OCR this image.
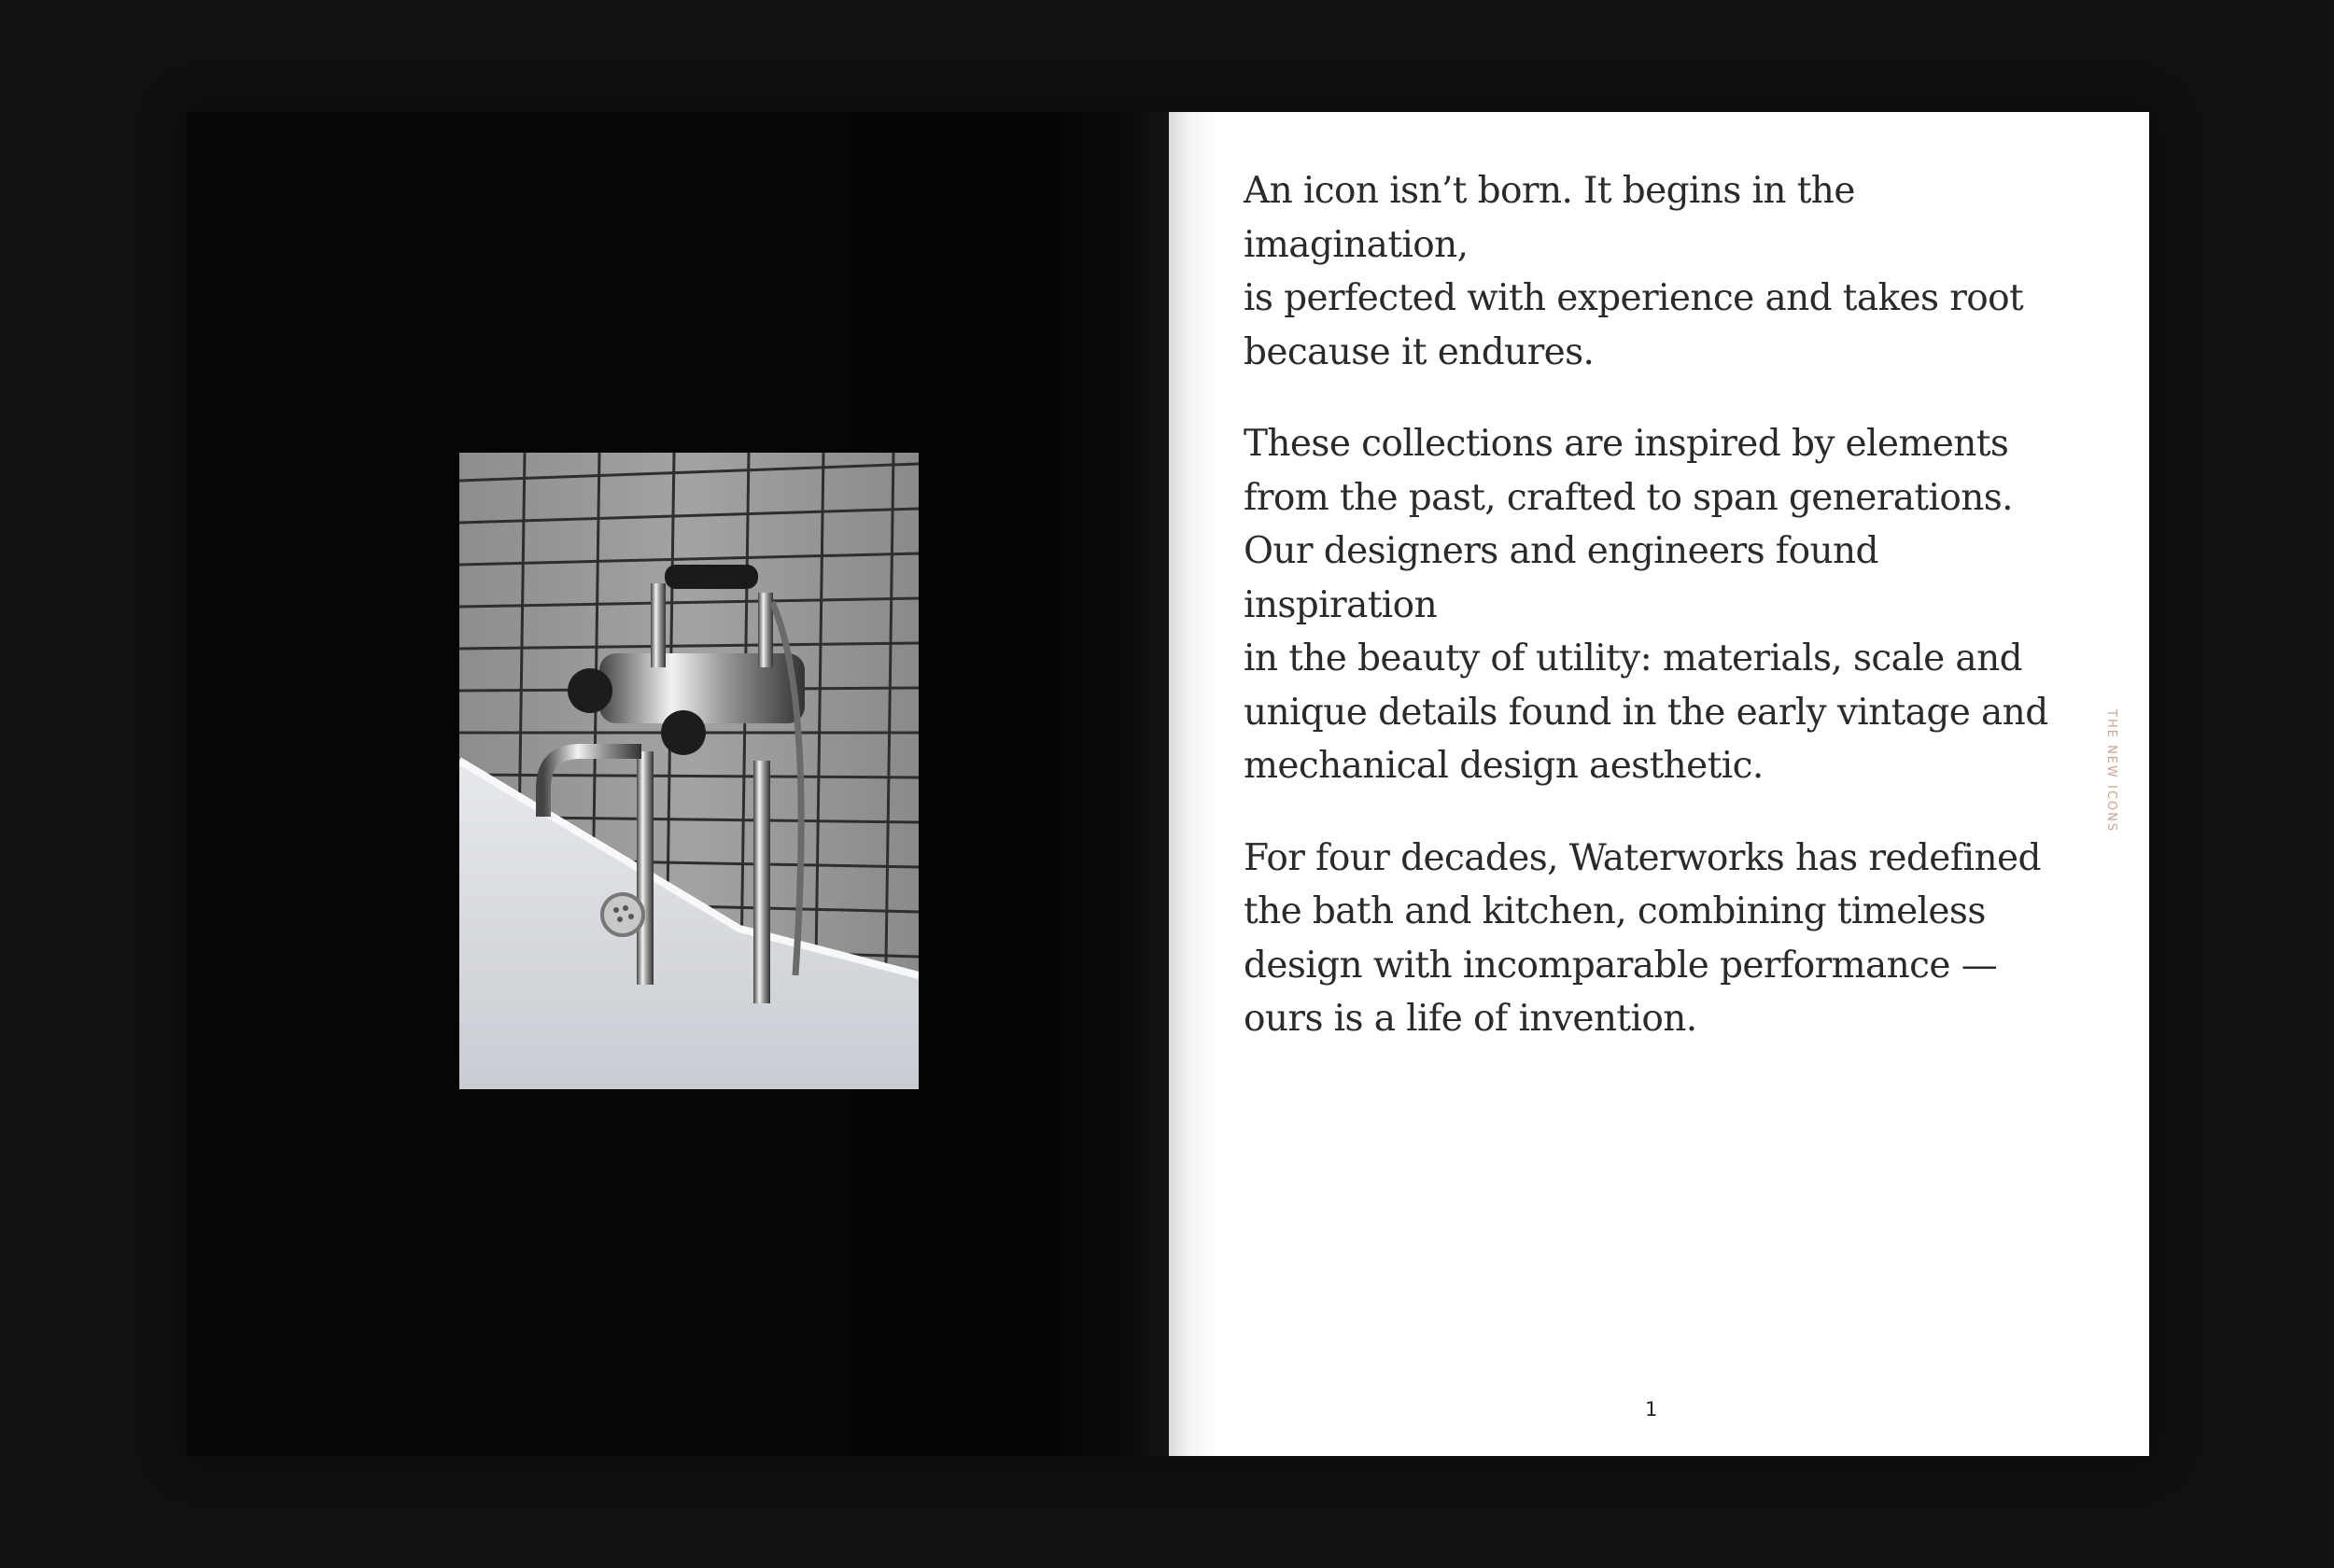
An icon isn’t born. It begins in the imagination,
is perfected with experience and takes root
because it endures.

These collections are inspired by elements
from the past, crafted to span generations.
Our designers and engineers found inspiration
in the beauty of utility: materials, scale and
unique details found in the early vintage and
mechanical design aesthetic.

For four decades, Waterworks has redefined
the bath and kitchen, combining timeless
design with incomparable performance —
ours is a life of invention.

THE NEW ICONS
1
